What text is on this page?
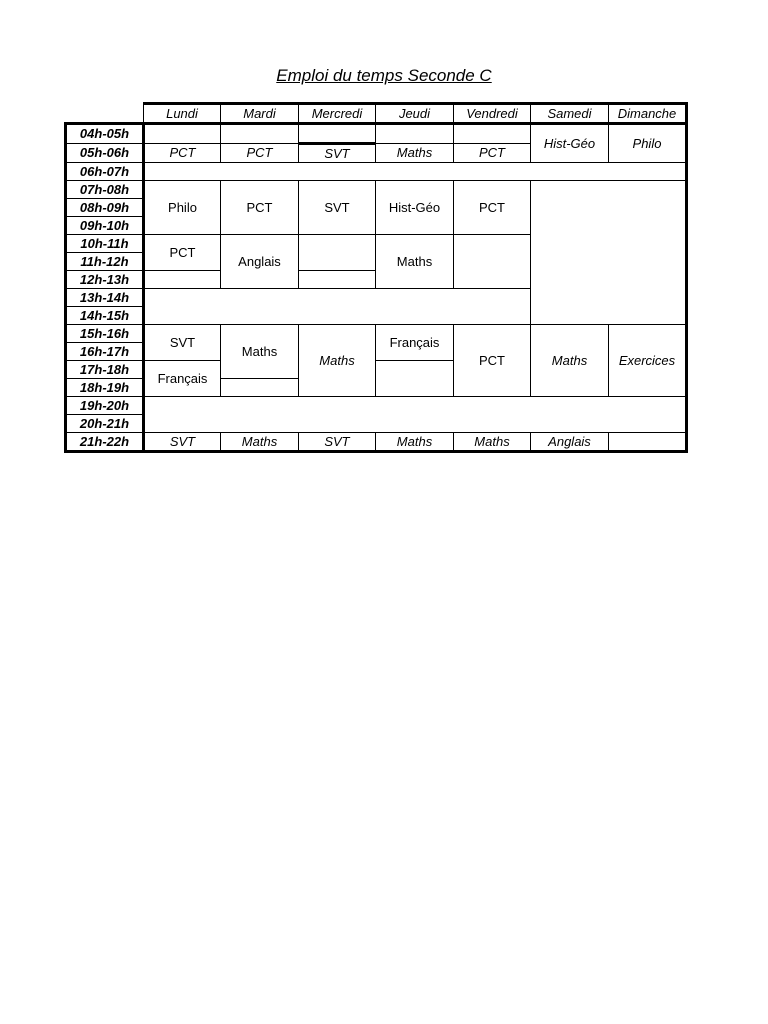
Emploi du temps Seconde C
	Lundi	Mardi	Mercredi	Jeudi	Vendredi	Samedi	Dimanche
04h-05h						Hist-Géo	Philo
05h-06h	PCT	PCT	SVT	Maths	PCT		
06h-07h							
07h-08h	Philo	PCT	SVT	Hist-Géo	PCT		
08h-09h							
09h-10h							
10h-11h	PCT	Anglais		Maths			
11h-12h							
12h-13h							
13h-14h							
14h-15h							
15h-16h	SVT	Maths	Maths	Français	PCT	Maths	Exercices
16h-17h							
17h-18h	Français						
18h-19h							
19h-20h							
20h-21h							
21h-22h	SVT	Maths	SVT	Maths	Maths	Anglais	
